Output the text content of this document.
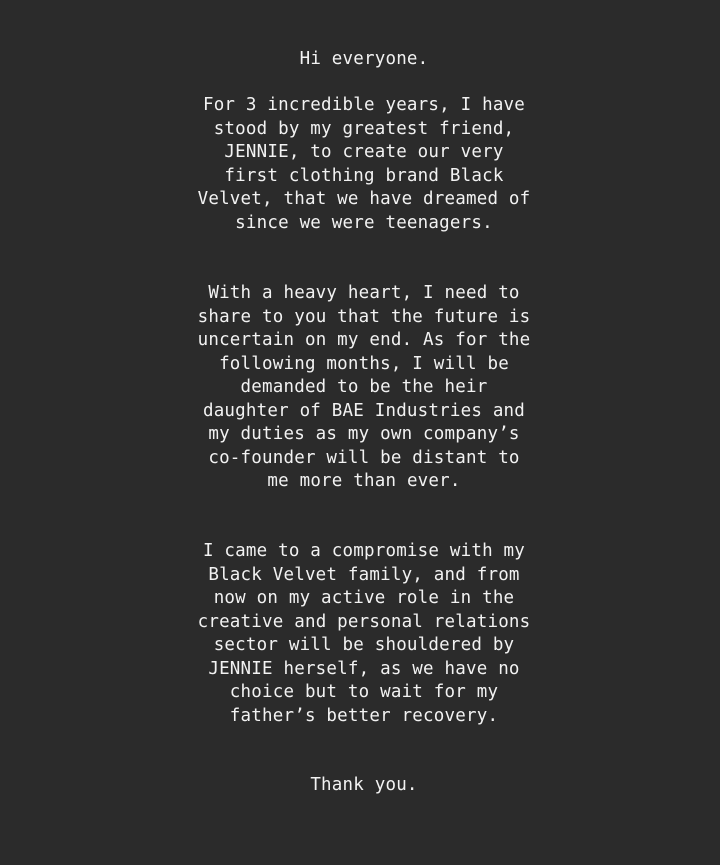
Hi everyone.
For 3 incredible years, I have
stood by my greatest friend,
JENNIE, to create our very
first clothing brand Black
Velvet, that we have dreamed of
since we were teenagers.
With a heavy heart, I need to
share to you that the future is
uncertain on my end. As for the
following months, I will be
demanded to be the heir
daughter of BAE Industries and
my duties as my own company’s
co-founder will be distant to
me more than ever.
I came to a compromise with my
Black Velvet family, and from
now on my active role in the
creative and personal relations
sector will be shouldered by
JENNIE herself, as we have no
choice but to wait for my
father’s better recovery.
Thank you.
